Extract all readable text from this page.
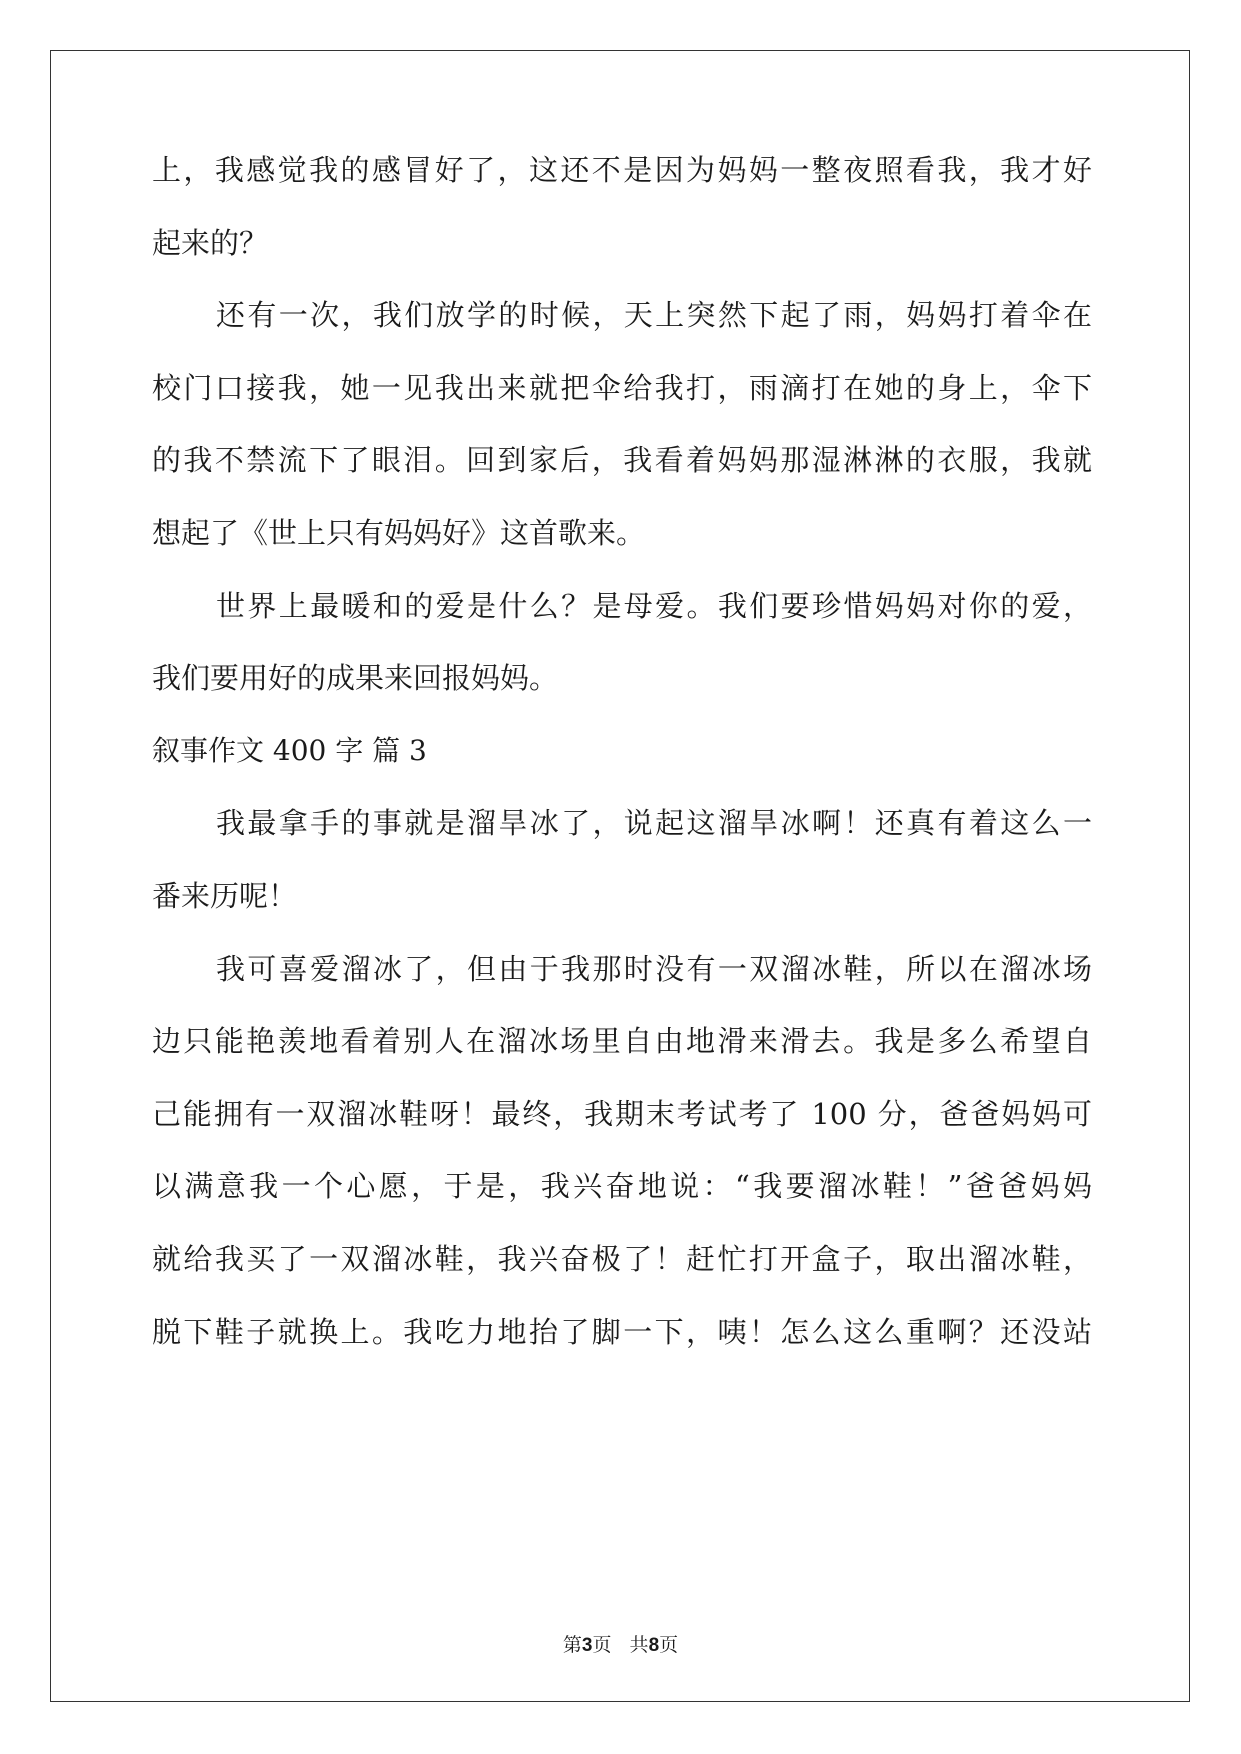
上，我感觉我的感冒好了，这还不是因为妈妈一整夜照看我，我才好
起来的？
还有一次，我们放学的时候，天上突然下起了雨，妈妈打着伞在
校门口接我，她一见我出来就把伞给我打，雨滴打在她的身上，伞下
的我不禁流下了眼泪。回到家后，我看着妈妈那湿淋淋的衣服，我就
想起了《世上只有妈妈好》这首歌来。
世界上最暖和的爱是什么？是母爱。我们要珍惜妈妈对你的爱，
我们要用好的成果来回报妈妈。
叙事作文 400 字 篇 3
我最拿手的事就是溜旱冰了，说起这溜旱冰啊！还真有着这么一
番来历呢！
我可喜爱溜冰了，但由于我那时没有一双溜冰鞋，所以在溜冰场
边只能艳羡地看着别人在溜冰场里自由地滑来滑去。我是多么希望自
己能拥有一双溜冰鞋呀！最终，我期末考试考了 100 分，爸爸妈妈可
以满意我一个心愿，于是，我兴奋地说：“我要溜冰鞋！”爸爸妈妈
就给我买了一双溜冰鞋，我兴奋极了！赶忙打开盒子，取出溜冰鞋，
脱下鞋子就换上。我吃力地抬了脚一下，咦！怎么这么重啊？还没站
第3页   共8页
